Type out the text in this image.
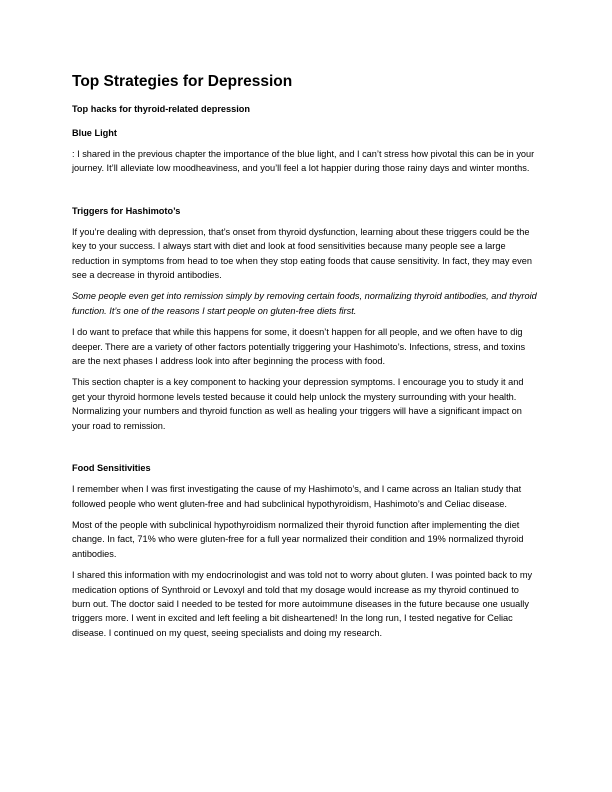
Top Strategies for Depression
Top hacks for thyroid-related depression
Blue Light

: I shared in the previous chapter the importance of the blue light, and I can’t stress how pivotal this can be in your journey. It’ll alleviate low moodheaviness, and you’ll feel a lot happier during those rainy days and winter months.

Triggers for Hashimoto’s

If you’re dealing with depression, that’s onset from thyroid dysfunction, learning about these triggers could be the key to your success. I always start with diet and look at food sensitivities because many people see a large reduction in symptoms from head to toe when they stop eating foods that cause sensitivity. In fact, they may even see a decrease in thyroid antibodies.

Some people even get into remission simply by removing certain foods, normalizing thyroid antibodies, and thyroid function. It’s one of the reasons I start people on gluten-free diets first.

I do want to preface that while this happens for some, it doesn’t happen for all people, and we often have to dig deeper. There are a variety of other factors potentially triggering your Hashimoto’s. Infections, stress, and toxins are the next phases I address look into after beginning the process with food.

This section chapter is a key component to hacking your depression symptoms. I encourage you to study it and get your thyroid hormone levels tested because it could help unlock the mystery surrounding with your health. Normalizing your numbers and thyroid function as well as healing your triggers will have a significant impact on your road to remission.

Food Sensitivities

I remember when I was first investigating the cause of my Hashimoto’s, and I came across an Italian study that followed people who went gluten-free and had subclinical hypothyroidism, Hashimoto’s and Celiac disease.

Most of the people with subclinical hypothyroidism normalized their thyroid function after implementing the diet change. In fact, 71% who were gluten-free for a full year normalized their condition and 19% normalized thyroid antibodies.

I shared this information with my endocrinologist and was told not to worry about gluten. I was pointed back to my medication options of Synthroid or Levoxyl and told that my dosage would increase as my thyroid continued to burn out. The doctor said I needed to be tested for more autoimmune diseases in the future because one usually triggers more. I went in excited and left feeling a bit disheartened! In the long run, I tested negative for Celiac disease. I continued on my quest, seeing specialists and doing my research.
